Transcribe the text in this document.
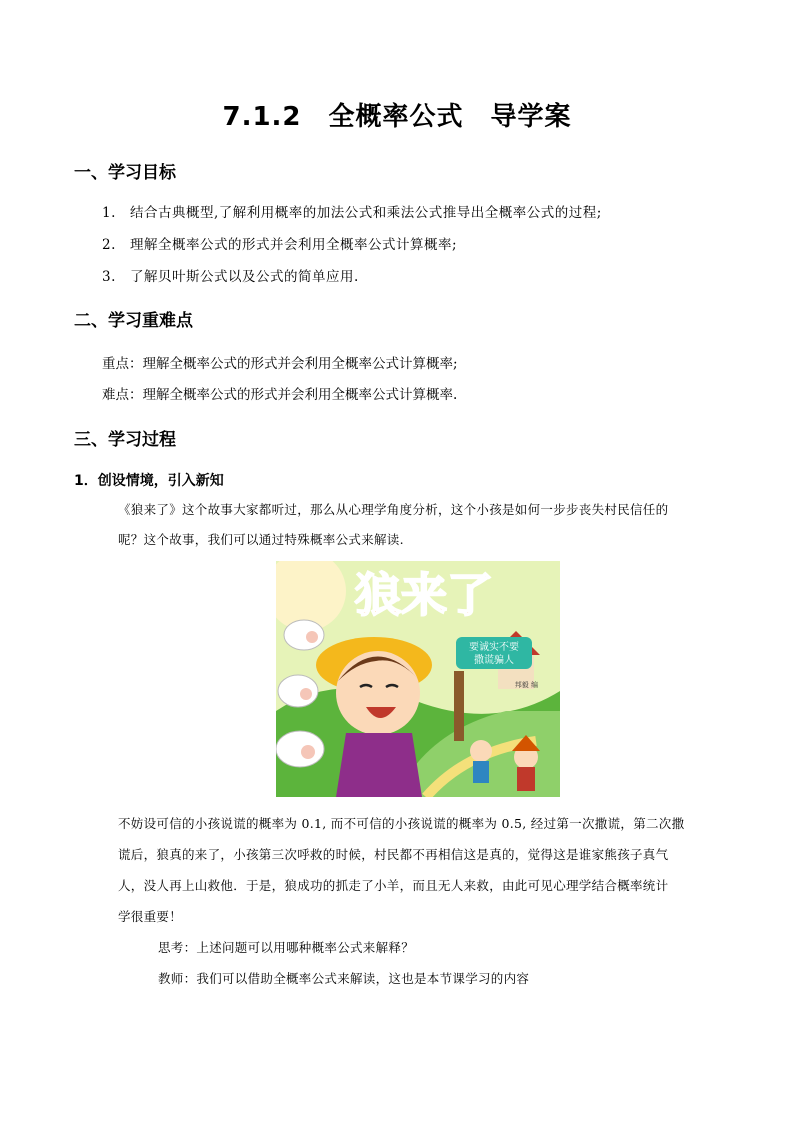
7.1.2　全概率公式　导学案
一、学习目标
1. 结合古典概型,了解利用概率的加法公式和乘法公式推导出全概率公式的过程;
2. 理解全概率公式的形式并会利用全概率公式计算概率;
3. 了解贝叶斯公式以及公式的简单应用.
二、学习重难点
重点：理解全概率公式的形式并会利用全概率公式计算概率;
难点：理解全概率公式的形式并会利用全概率公式计算概率.
三、学习过程
1．创设情境，引入新知
《狼来了》这个故事大家都听过，那么从心理学角度分析，这个小孩是如何一步步丧失村民信任的
呢？这个故事，我们可以通过特殊概率公式来解读.
狼来了
要诚实不要
撒谎骗人
邦毅 编
不妨设可信的小孩说谎的概率为 0.1, 而不可信的小孩说谎的概率为 0.5, 经过第一次撒谎，第二次撒
谎后，狼真的来了，小孩第三次呼救的时候，村民都不再相信这是真的，觉得这是谁家熊孩子真气
人，没人再上山救他．于是，狼成功的抓走了小羊，而且无人来救，由此可见心理学结合概率统计
学很重要！
思考：上述问题可以用哪种概率公式来解释？
教师：我们可以借助全概率公式来解读，这也是本节课学习的内容
